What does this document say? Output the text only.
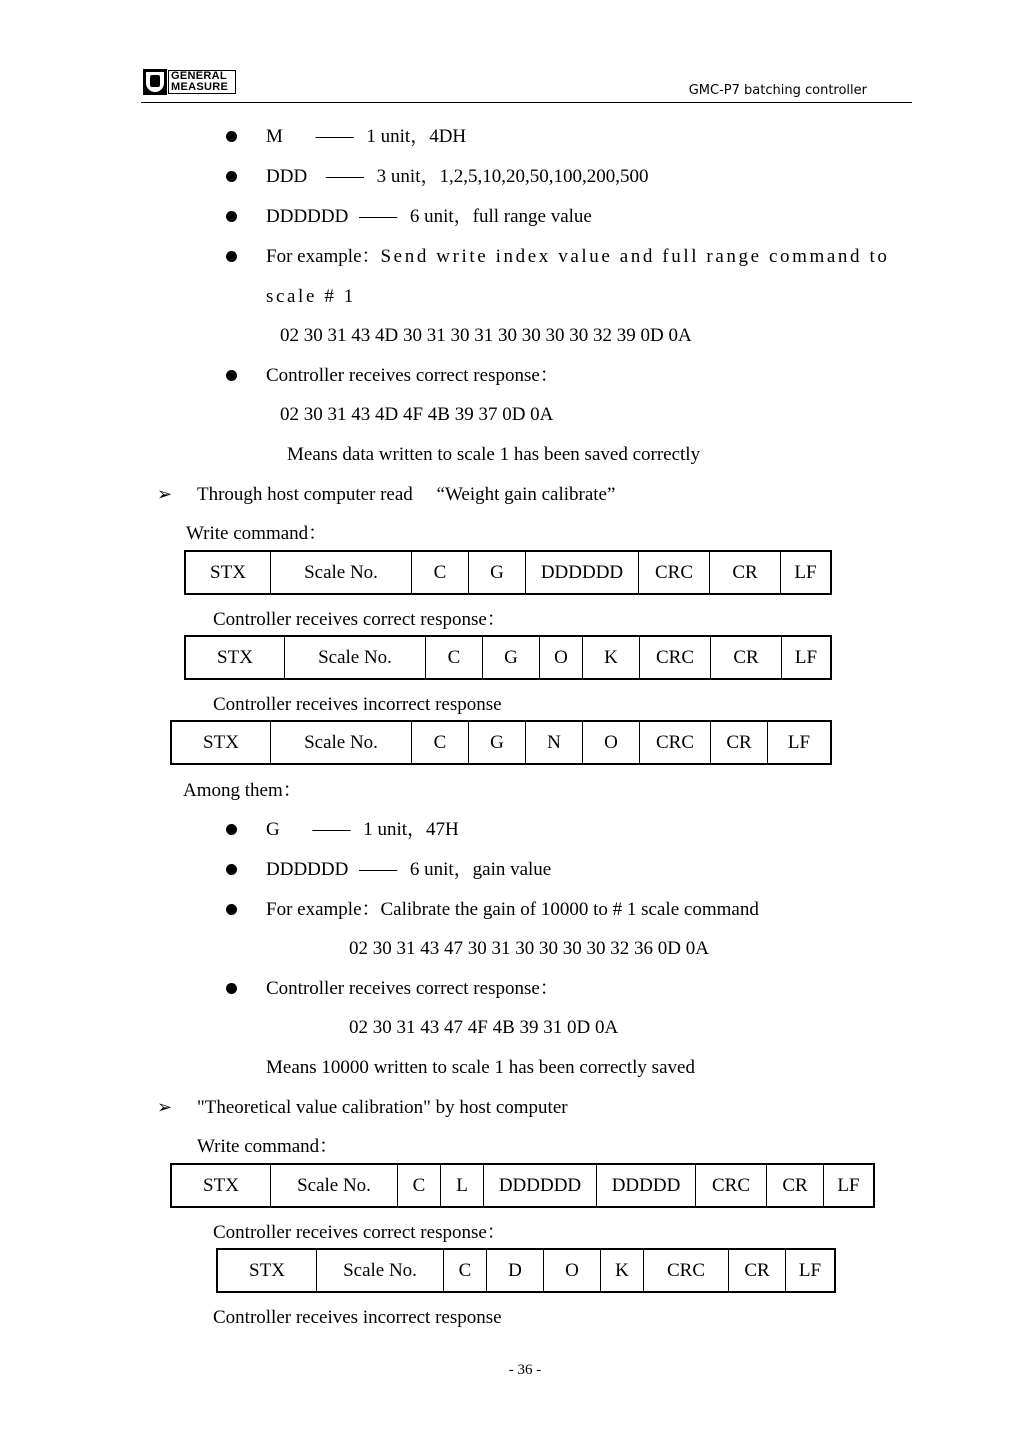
GENERAL
MEASURE	GMC-P7 batching controller
M —— 1 unit，4DH
DDD —— 3 unit，1,2,5,10,20,50,100,200,500
DDDDDD —— 6 unit，full range value
For example：Send write index value and full range command to
scale # 1
02 30 31 43 4D 30 31 30 31 30 30 30 30 32 39 0D 0A
Controller receives correct response：
02 30 31 43 4D 4F 4B 39 37 0D 0A
Means data written to scale 1 has been saved correctly
➢ Through host computer read 　“Weight gain calibrate”
Write command：
STX	Scale No.	C	G	DDDDDD	CRC	CR	LF
Controller receives correct response：
STX	Scale No.	C	G	O	K	CRC	CR	LF
Controller receives incorrect response
STX	Scale No.	C	G	N	O	CRC	CR	LF
Among them：
G —— 1 unit，47H
DDDDDD —— 6 unit，gain value
For example：Calibrate the gain of 10000 to # 1 scale command
02 30 31 43 47 30 31 30 30 30 30 32 36 0D 0A
Controller receives correct response：
02 30 31 43 47 4F 4B 39 31 0D 0A
Means 10000 written to scale 1 has been correctly saved
➢ "Theoretical value calibration" by host computer
Write command：
STX	Scale No.	C	L	DDDDDD	DDDDD	CRC	CR	LF
Controller receives correct response：
STX	Scale No.	C	D	O	K	CRC	CR	LF
Controller receives incorrect response
- 36 -
